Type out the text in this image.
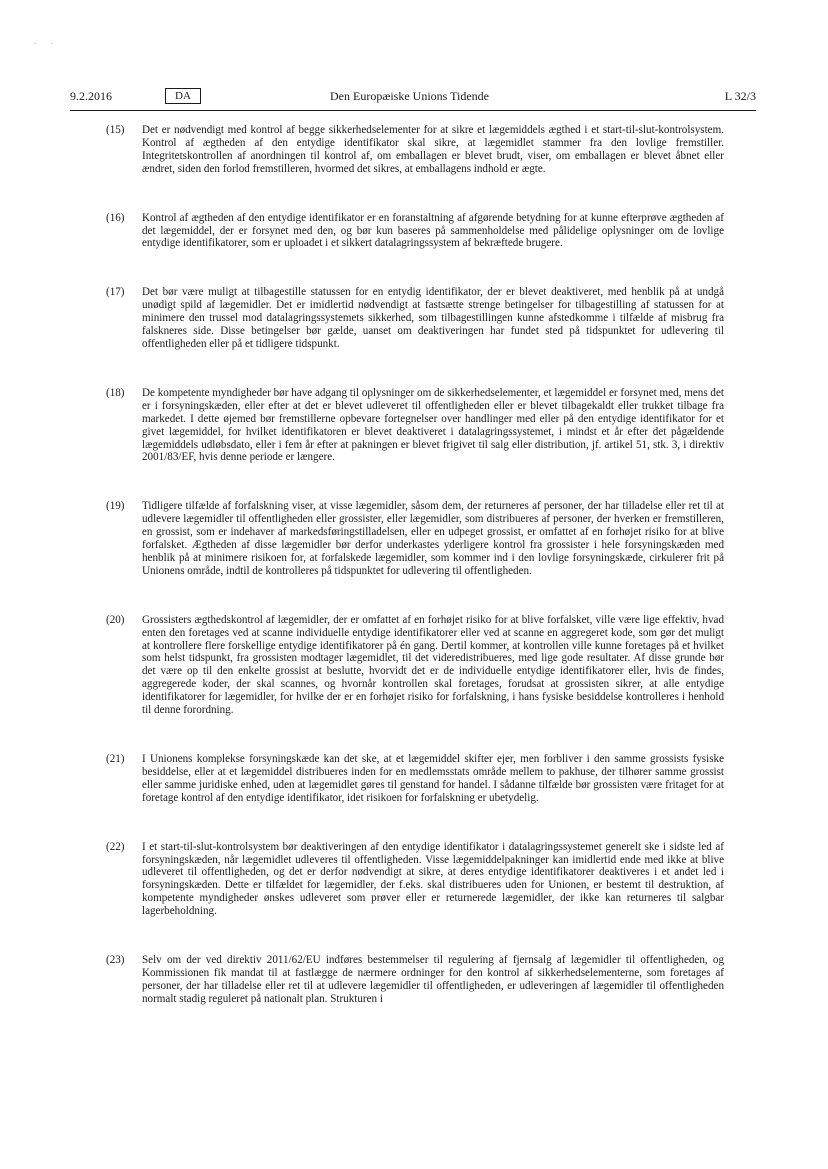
· ·
9.2.2016	DA	Den Europæiske Unions Tidende	L 32/3
(15)	Det er nødvendigt med kontrol af begge sikkerhedselementer for at sikre et lægemiddels ægthed i et start-til-slut-kontrolsystem. Kontrol af ægtheden af den entydige identifikator skal sikre, at lægemidlet stammer fra den lovlige fremstiller. Integritetskontrollen af anordningen til kontrol af, om emballagen er blevet brudt, viser, om emballagen er blevet åbnet eller ændret, siden den forlod fremstilleren, hvormed det sikres, at emballagens indhold er ægte.
(16)	Kontrol af ægtheden af den entydige identifikator er en foranstaltning af afgørende betydning for at kunne efterprøve ægtheden af det lægemiddel, der er forsynet med den, og bør kun baseres på sammenholdelse med pålidelige oplysninger om de lovlige entydige identifikatorer, som er uploadet i et sikkert datalagringssystem af bekræftede brugere.
(17)	Det bør være muligt at tilbagestille statussen for en entydig identifikator, der er blevet deaktiveret, med henblik på at undgå unødigt spild af lægemidler. Det er imidlertid nødvendigt at fastsætte strenge betingelser for tilbagestilling af statussen for at minimere den trussel mod datalagringssystemets sikkerhed, som tilbagestillingen kunne afstedkomme i tilfælde af misbrug fra falskneres side. Disse betingelser bør gælde, uanset om deaktiveringen har fundet sted på tidspunktet for udlevering til offentligheden eller på et tidligere tidspunkt.
(18)	De kompetente myndigheder bør have adgang til oplysninger om de sikkerhedselementer, et lægemiddel er forsynet med, mens det er i forsyningskæden, eller efter at det er blevet udleveret til offentligheden eller er blevet tilbagekaldt eller trukket tilbage fra markedet. I dette øjemed bør fremstillerne opbevare fortegnelser over handlinger med eller på den entydige identifikator for et givet lægemiddel, for hvilket identifikatoren er blevet deaktiveret i datalagringssystemet, i mindst et år efter det pågældende lægemiddels udløbsdato, eller i fem år efter at pakningen er blevet frigivet til salg eller distribution, jf. artikel 51, stk. 3, i direktiv 2001/83/EF, hvis denne periode er længere.
(19)	Tidligere tilfælde af forfalskning viser, at visse lægemidler, såsom dem, der returneres af personer, der har tilladelse eller ret til at udlevere lægemidler til offentligheden eller grossister, eller lægemidler, som distribueres af personer, der hverken er fremstilleren, en grossist, som er indehaver af markedsføringstilladelsen, eller en udpeget grossist, er omfattet af en forhøjet risiko for at blive forfalsket. Ægtheden af disse lægemidler bør derfor underkastes yderligere kontrol fra grossister i hele forsyningskæden med henblik på at minimere risikoen for, at forfalskede lægemidler, som kommer ind i den lovlige forsyningskæde, cirkulerer frit på Unionens område, indtil de kontrolleres på tidspunktet for udlevering til offentligheden.
(20)	Grossisters ægthedskontrol af lægemidler, der er omfattet af en forhøjet risiko for at blive forfalsket, ville være lige effektiv, hvad enten den foretages ved at scanne individuelle entydige identifikatorer eller ved at scanne en aggregeret kode, som gør det muligt at kontrollere flere forskellige entydige identifikatorer på én gang. Dertil kommer, at kontrollen ville kunne foretages på et hvilket som helst tidspunkt, fra grossisten modtager lægemidlet, til det videredistribueres, med lige gode resultater. Af disse grunde bør det være op til den enkelte grossist at beslutte, hvorvidt det er de individuelle entydige identifikatorer eller, hvis de findes, aggregerede koder, der skal scannes, og hvornår kontrollen skal foretages, forudsat at grossisten sikrer, at alle entydige identifikatorer for lægemidler, for hvilke der er en forhøjet risiko for forfalskning, i hans fysiske besiddelse kontrolleres i henhold til denne forordning.
(21)	I Unionens komplekse forsyningskæde kan det ske, at et lægemiddel skifter ejer, men forbliver i den samme grossists fysiske besiddelse, eller at et lægemiddel distribueres inden for en medlemsstats område mellem to pakhuse, der tilhører samme grossist eller samme juridiske enhed, uden at lægemidlet gøres til genstand for handel. I sådanne tilfælde bør grossisten være fritaget for at foretage kontrol af den entydige identifikator, idet risikoen for forfalskning er ubetydelig.
(22)	I et start-til-slut-kontrolsystem bør deaktiveringen af den entydige identifikator i datalagringssystemet generelt ske i sidste led af forsyningskæden, når lægemidlet udleveres til offentligheden. Visse lægemiddelpakninger kan imidlertid ende med ikke at blive udleveret til offentligheden, og det er derfor nødvendigt at sikre, at deres entydige identifikatorer deaktiveres i et andet led i forsyningskæden. Dette er tilfældet for lægemidler, der f.eks. skal distribueres uden for Unionen, er bestemt til destruktion, af kompetente myndigheder ønskes udleveret som prøver eller er returnerede lægemidler, der ikke kan returneres til salgbar lagerbeholdning.
(23)	Selv om der ved direktiv 2011/62/EU indføres bestemmelser til regulering af fjernsalg af lægemidler til offentligheden, og Kommissionen fik mandat til at fastlægge de nærmere ordninger for den kontrol af sikkerhedselementerne, som foretages af personer, der har tilladelse eller ret til at udlevere lægemidler til offentligheden, er udleveringen af lægemidler til offentligheden normalt stadig reguleret på nationalt plan. Strukturen i
